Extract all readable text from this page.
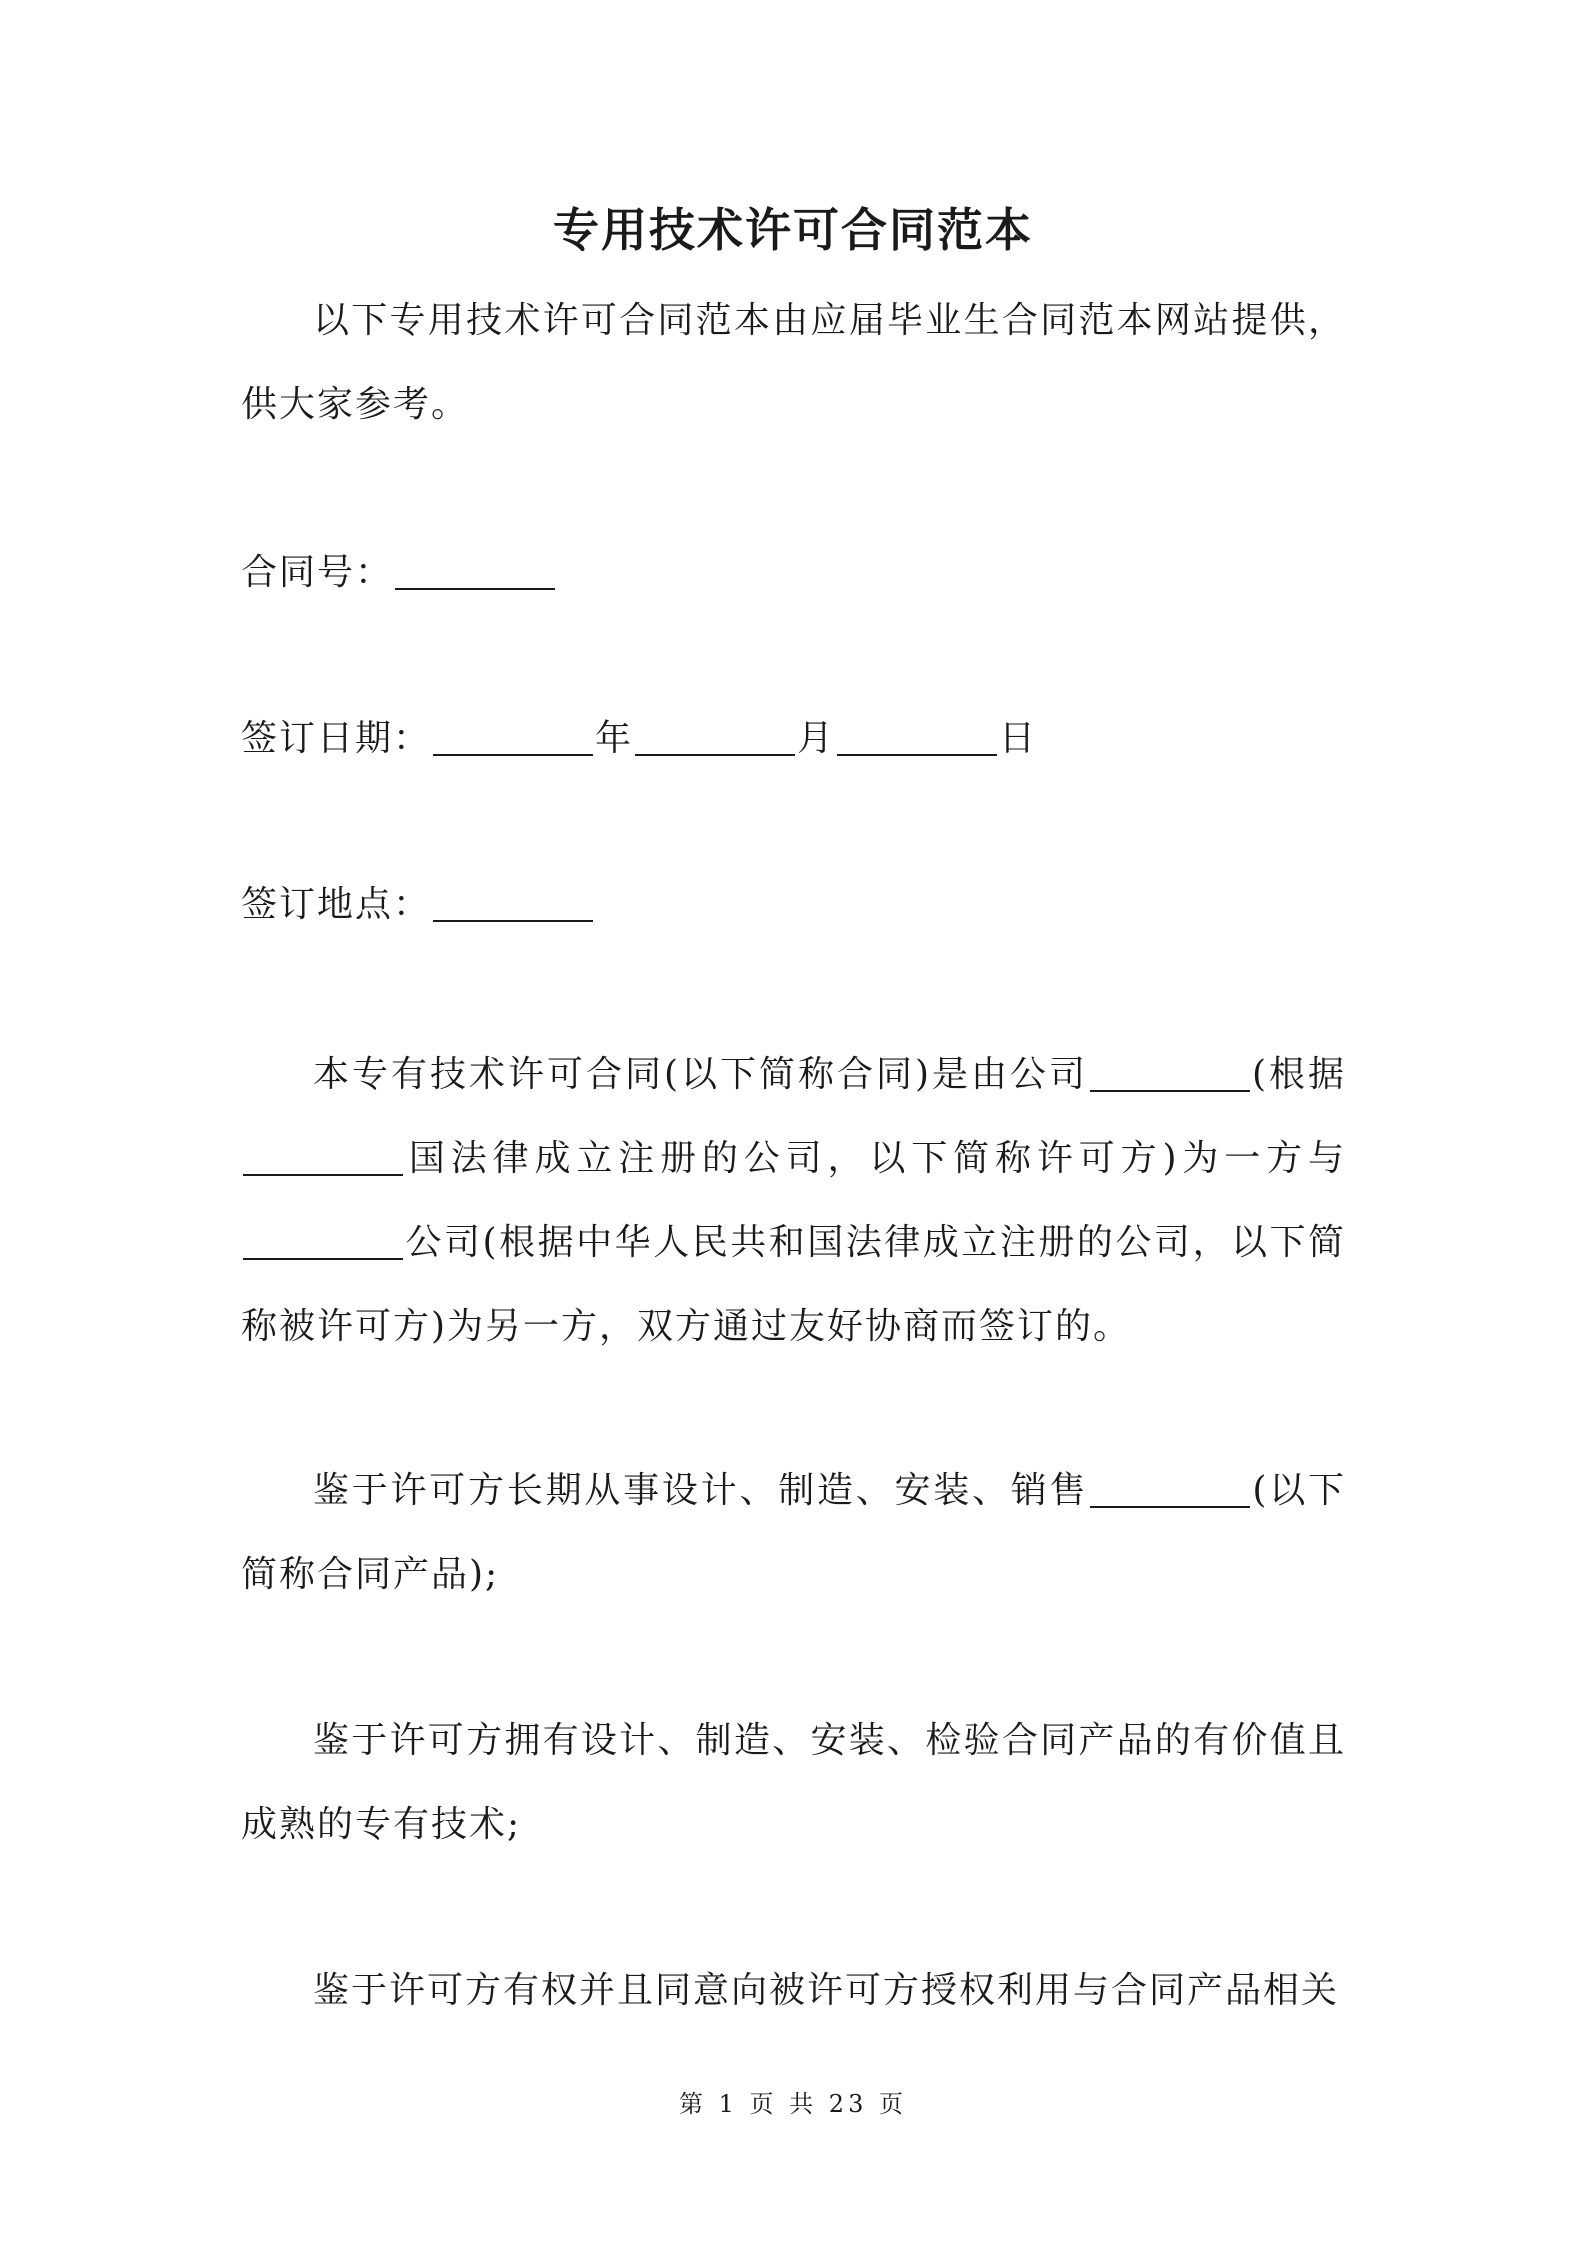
专用技术许可合同范本
以下专用技术许可合同范本由应届毕业生合同范本网站提供，供大家参考。
合同号：
签订日期：	年	月	日
签订地点：
本专有技术许可合同(以下简称合同)是由公司	(根据国法律成立注册的公司，以下简称许可方)为一方与公司(根据中华人民共和国法律成立注册的公司，以下简称被许可方)为另一方，双方通过友好协商而签订的。
鉴于许可方长期从事设计、制造、安装、销售	(以下简称合同产品);
鉴于许可方拥有设计、制造、安装、检验合同产品的有价值且成熟的专有技术;
鉴于许可方有权并且同意向被许可方授权利用与合同产品相关
第 1 页 共 23 页
